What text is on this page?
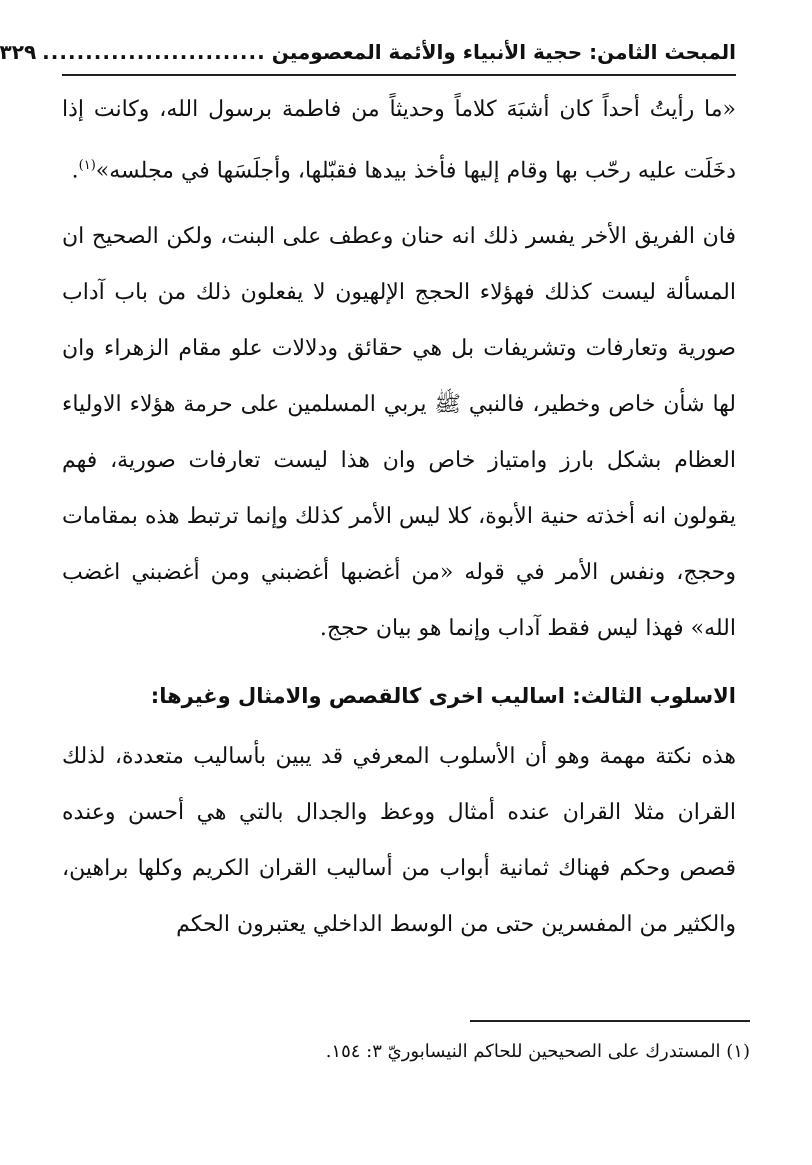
المبحث الثامن: حجية الأنبياء والأئمة المعصومين
..........................
٣٢٩

«ما رأيتُ أحداً كان أشبَهَ كلاماً وحديثاً من فاطمة برسول الله، وكانت إذا دخَلَت عليه رحّب بها وقام إليها فأخذ بيدها فقبّلها، وأجلَسَها في مجلسه»$^{(١)}$.

فان الفريق الأخر يفسر ذلك انه حنان وعطف على البنت، ولكن الصحيح ان المسألة ليست كذلك فهؤلاء الحجج الإلهيون لا يفعلون ذلك من باب آداب صورية وتعارفات وتشريفات بل هي حقائق ودلالات علو مقام الزهراء وان لها شأن خاص وخطير، فالنبي ﷺ يربي المسلمين على حرمة هؤلاء الاولياء العظام بشكل بارز وامتياز خاص وان هذا ليست تعارفات صورية، فهم يقولون انه أخذته حنية الأبوة، كلا ليس الأمر كذلك وإنما ترتبط هذه بمقامات وحجج، ونفس الأمر في قوله «من أغضبها أغضبني ومن أغضبني اغضب الله» فهذا ليس فقط آداب وإنما هو بيان حجج.

الاسلوب الثالث: اساليب اخرى كالقصص والامثال وغيرها:

هذه نكتة مهمة وهو أن الأسلوب المعرفي قد يبين بأساليب متعددة، لذلك القران مثلا القران عنده أمثال ووعظ والجدال بالتي هي أحسن وعنده قصص وحكم فهناك ثمانية أبواب من أساليب القران الكريم وكلها براهين، والكثير من المفسرين حتى من الوسط الداخلي يعتبرون الحكم

(١) المستدرك على الصحيحين للحاكم النيسابوريّ ٣: ١٥٤.
